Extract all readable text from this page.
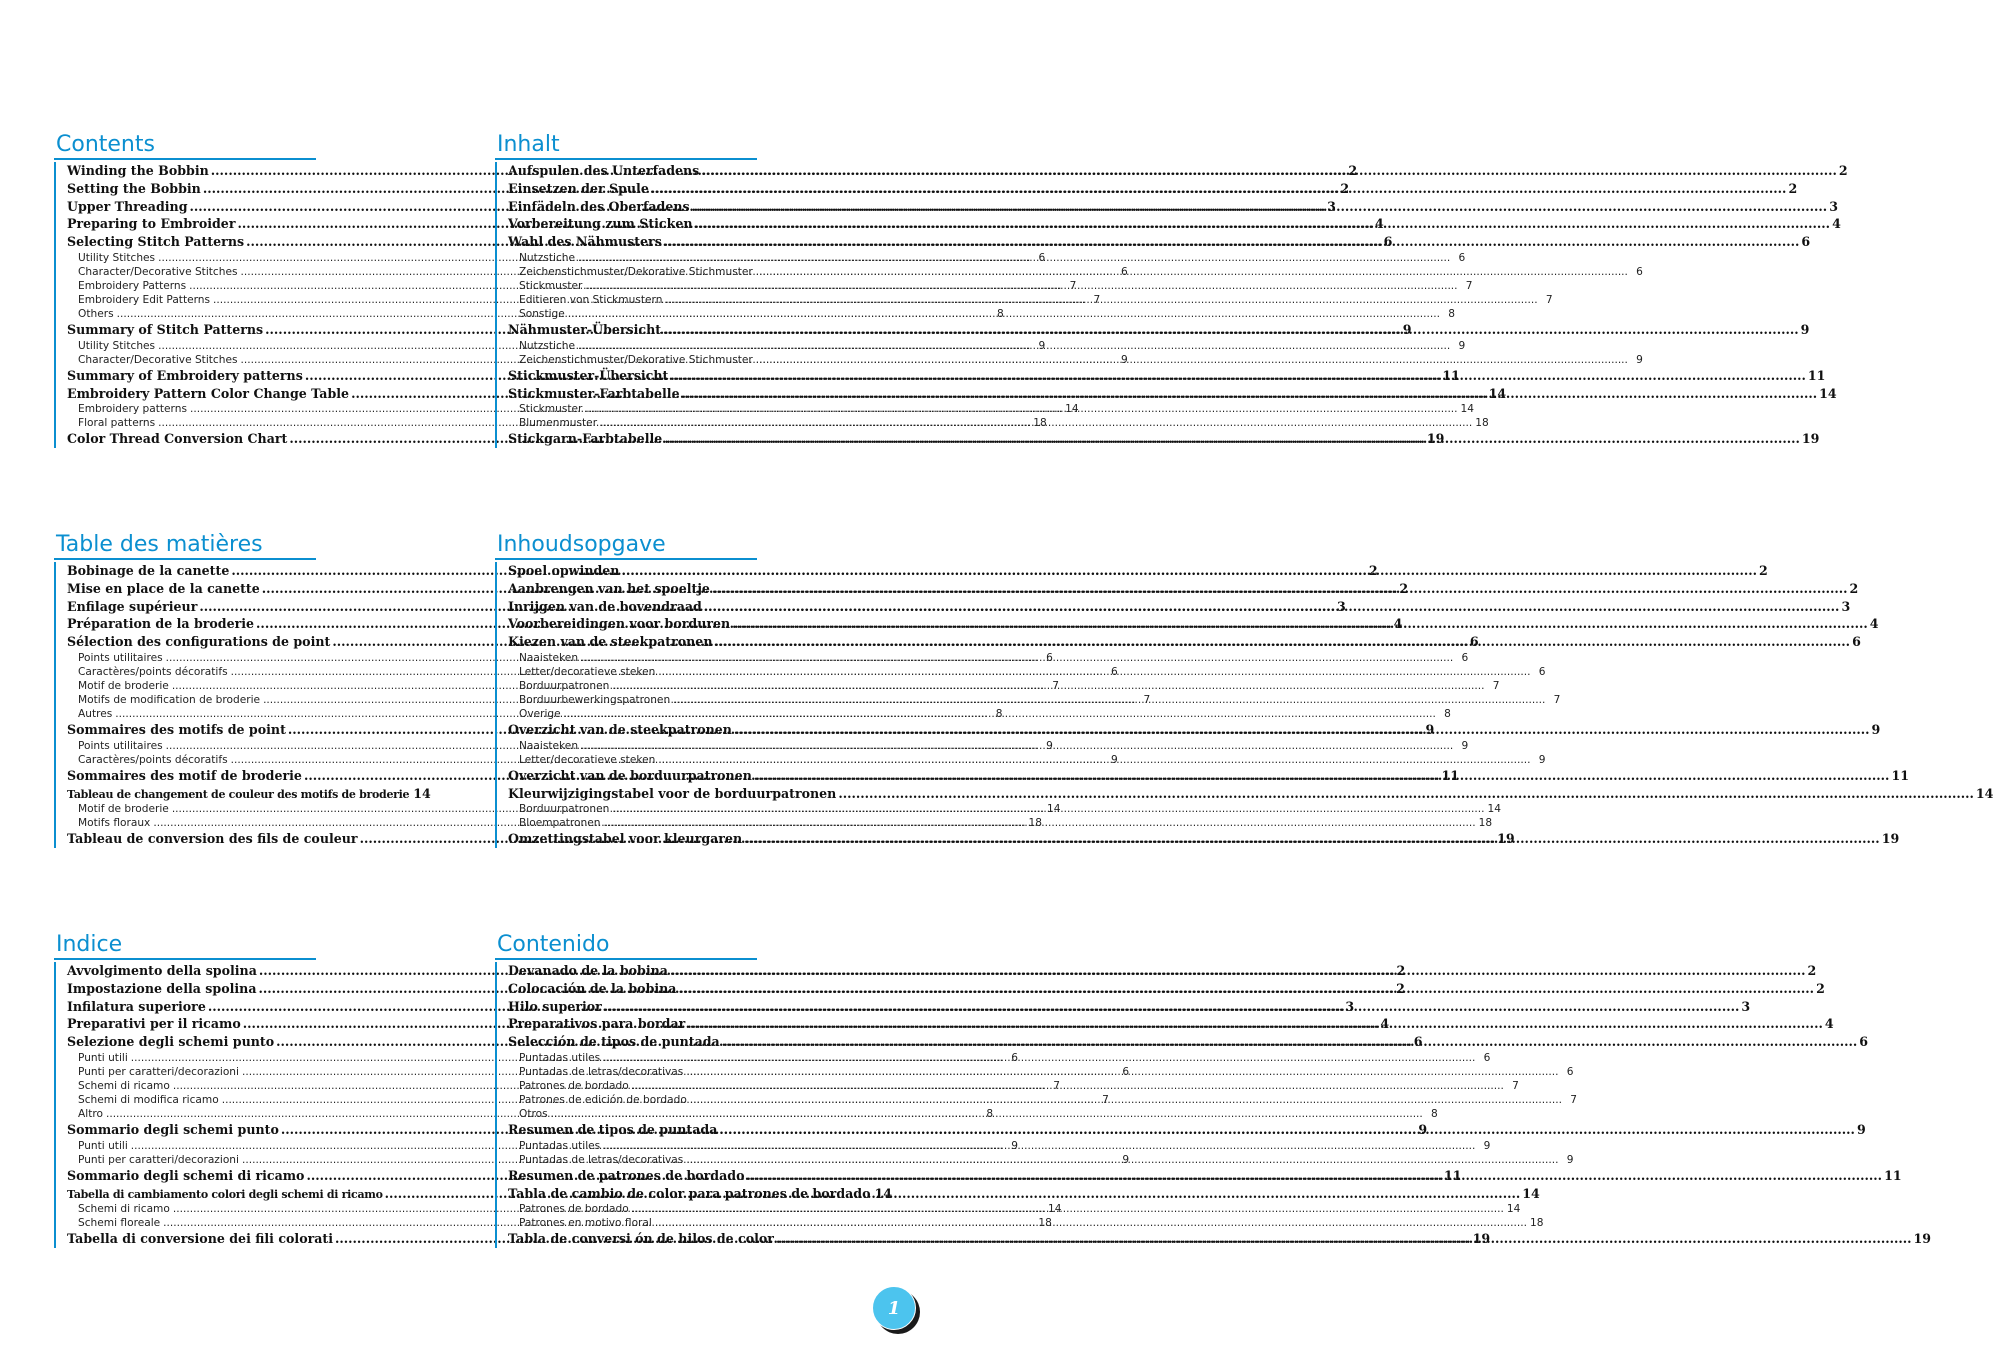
Contents
Winding the Bobbin .....	2
Setting the Bobbin .....	2
Upper Threading .....	3
Preparing to Embroider .....	4
Selecting Stitch Patterns .....	6
Utility Stitches .....	6
Character/Decorative Stitches .....	6
Embroidery Patterns .....	7
Embroidery Edit Patterns .....	7
Others .....	8
Summary of Stitch Patterns .....	9
Utility Stitches .....	9
Character/Decorative Stitches .....	9
Summary of Embroidery patterns .....	11
Embroidery Pattern Color Change Table .....	14
Embroidery patterns .....	14
Floral patterns .....	18
Color Thread Conversion Chart .....	19
Inhalt
Aufspulen des Unterfadens .....	2
Einsetzen der Spule .....	2
Einfädeln des Oberfadens .....	3
Vorbereitung zum Sticken .....	4
Wahl des Nähmusters .....	6
Nutzstiche .....	6
Zeichenstichmuster/Dekorative Stichmuster .....	6
Stickmuster .....	7
Editieren von Stickmustern .....	7
Sonstige .....	8
Nähmuster-Übersicht .....	9
Nutzstiche .....	9
Zeichenstichmuster/Dekorative Stichmuster .....	9
Stickmuster-Übersicht .....	11
Stickmuster-Farbtabelle .....	14
Stickmuster .....	14
Blumenmuster .....	18
Stickgarn-Farbtabelle .....	19
Table des matières
Bobinage de la canette .....	2
Mise en place de la canette .....	2
Enfilage supérieur .....	3
Préparation de la broderie .....	4
Sélection des configurations de point .....	6
Points utilitaires .....	6
Caractères/points décoratifs .....	6
Motif de broderie .....	7
Motifs de modification de broderie .....	7
Autres .....	8
Sommaires des motifs de point .....	9
Points utilitaires .....	9
Caractères/points décoratifs .....	9
Sommaires des motif de broderie .....	11
Tableau de changement de couleur des motifs de broderie 14
Motif de broderie .....	14
Motifs floraux .....	18
Tableau de conversion des fils de couleur .....	19
Inhoudsopgave
Spoel opwinden .....	2
Aanbrengen van het spoeltje .....	2
Inrijgen van de bovendraad .....	3
Voorbereidingen voor borduren .....	4
Kiezen van de steekpatronen .....	6
Naaisteken .....	6
Letter/decoratieve steken .....	6
Borduurpatronen .....	7
Borduurbewerkingspatronen .....	7
Overige .....	8
Overzicht van de steekpatronen .....	9
Naaisteken .....	9
Letter/decoratieve steken .....	9
Overzicht van de borduurpatronen .....	11
Kleurwijzigingstabel voor de borduurpatronen .....	14
Borduurpatronen .....	14
Bloempatronen .....	18
Omzettingstabel voor kleurgaren .....	19
Indice
Avvolgimento della spolina .....	2
Impostazione della spolina .....	2
Infilatura superiore .....	3
Preparativi per il ricamo .....	4
Selezione degli schemi punto .....	6
Punti utili .....	6
Punti per caratteri/decorazioni .....	6
Schemi di ricamo .....	7
Schemi di modifica ricamo .....	7
Altro .....	8
Sommario degli schemi punto .....	9
Punti utili .....	9
Punti per caratteri/decorazioni .....	9
Sommario degli schemi di ricamo .....	11
Tabella di cambiamento colori degli schemi di ricamo .....	14
Schemi di ricamo .....	14
Schemi floreale .....	18
Tabella di conversione dei fili colorati .....	19
Contenido
Devanado de la bobina .....	2
Colocación de la bobina .....	2
Hilo superior .....	3
Preparativos para bordar .....	4
Selección de tipos de puntada .....	6
Puntadas utiles .....	6
Puntadas de letras/decorativas .....	6
Patrones de bordado .....	7
Patrones de edición de bordado .....	7
Otros .....	8
Resumen de tipos de puntada .....	9
Puntadas utiles .....	9
Puntadas de letras/decorativas .....	9
Resumen de patrones de bordado .....	11
Tabla de cambio de color para patrones de bordado 14
Patrones de bordado .....	14
Patrones en motivo floral .....	18
Tabla de conversi ón de hilos de color .....	19
1
